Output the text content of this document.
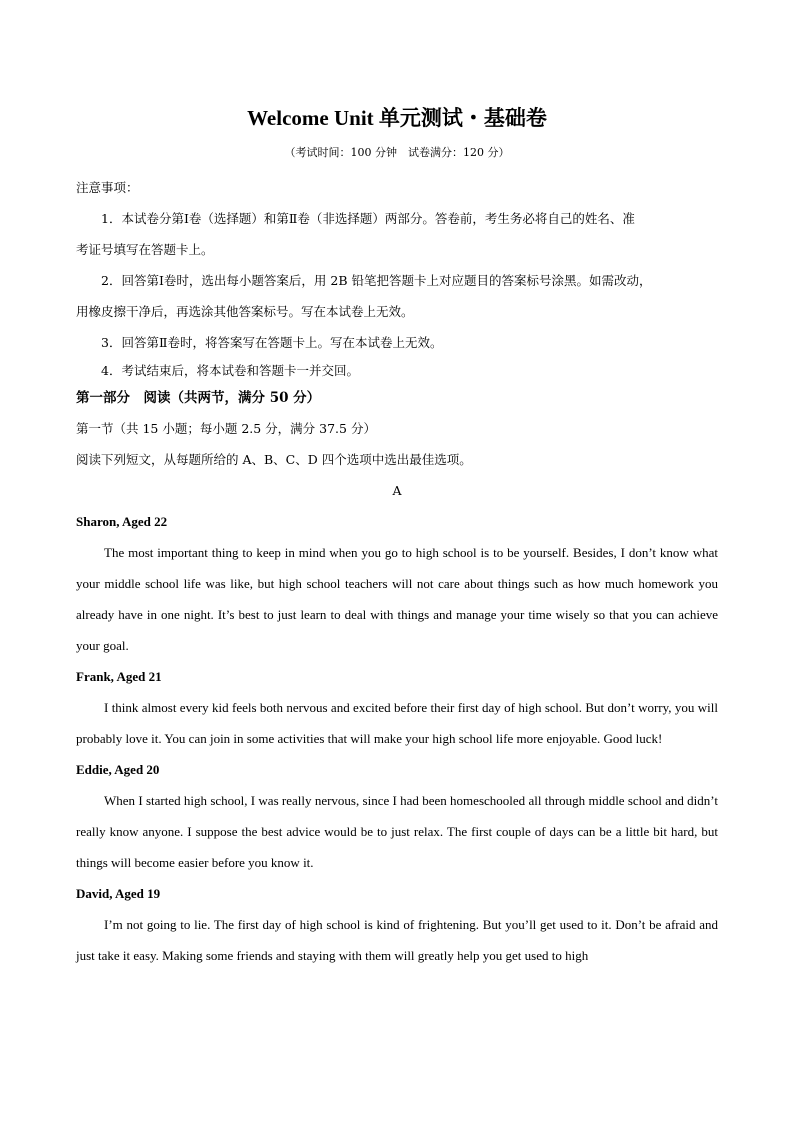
Welcome Unit 单元测试・基础卷
（考试时间：100 分钟　试卷满分：120 分）
注意事项：
1．本试卷分第Ⅰ卷（选择题）和第Ⅱ卷（非选择题）两部分。答卷前，考生务必将自己的姓名、准
考证号填写在答题卡上。
2．回答第Ⅰ卷时，选出每小题答案后，用 2B 铅笔把答题卡上对应题目的答案标号涂黑。如需改动，
用橡皮擦干净后，再选涂其他答案标号。写在本试卷上无效。
3．回答第Ⅱ卷时，将答案写在答题卡上。写在本试卷上无效。
4．考试结束后，将本试卷和答题卡一并交回。
第一部分　阅读（共两节，满分 50 分）
第一节（共 15 小题；每小题 2.5 分，满分 37.5 分）
阅读下列短文，从每题所给的 A、B、C、D 四个选项中选出最佳选项。
A
Sharon, Aged 22

The most important thing to keep in mind when you go to high school is to be yourself. Besides, I don’t know what your middle school life was like, but high school teachers will not care about things such as how much homework you already have in one night. It’s best to just learn to deal with things and manage your time wisely so that you can achieve your goal.

Frank, Aged 21

I think almost every kid feels both nervous and excited before their first day of high school. But don’t worry, you will probably love it. You can join in some activities that will make your high school life more enjoyable. Good luck!

Eddie, Aged 20

When I started high school, I was really nervous, since I had been homeschooled all through middle school and didn’t really know anyone. I suppose the best advice would be to just relax. The first couple of days can be a little bit hard, but things will become easier before you know it.

David, Aged 19

I’m not going to lie. The first day of high school is kind of frightening. But you’ll get used to it. Don’t be afraid and just take it easy. Making some friends and staying with them will greatly help you get used to high
